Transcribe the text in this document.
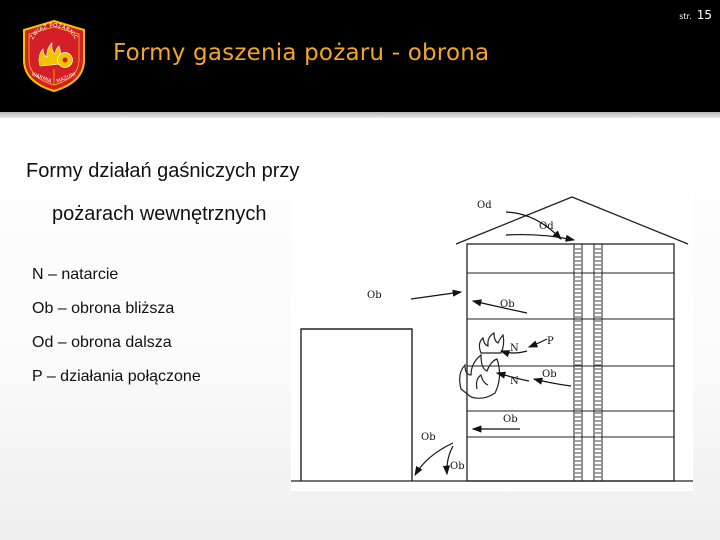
str. 15
ZWIĄZ POŻARNIC
WARMIA MAZURY
Formy gaszenia pożaru - obrona
Formy działań gaśniczych przy
pożarach wewnętrznych
N – natarcie
Ob – obrona bliższa
Od – obrona dalsza
P – działania połączone
Od
Od
Ob
Ob
P
N
N
Ob
Ob
Ob
Ob
